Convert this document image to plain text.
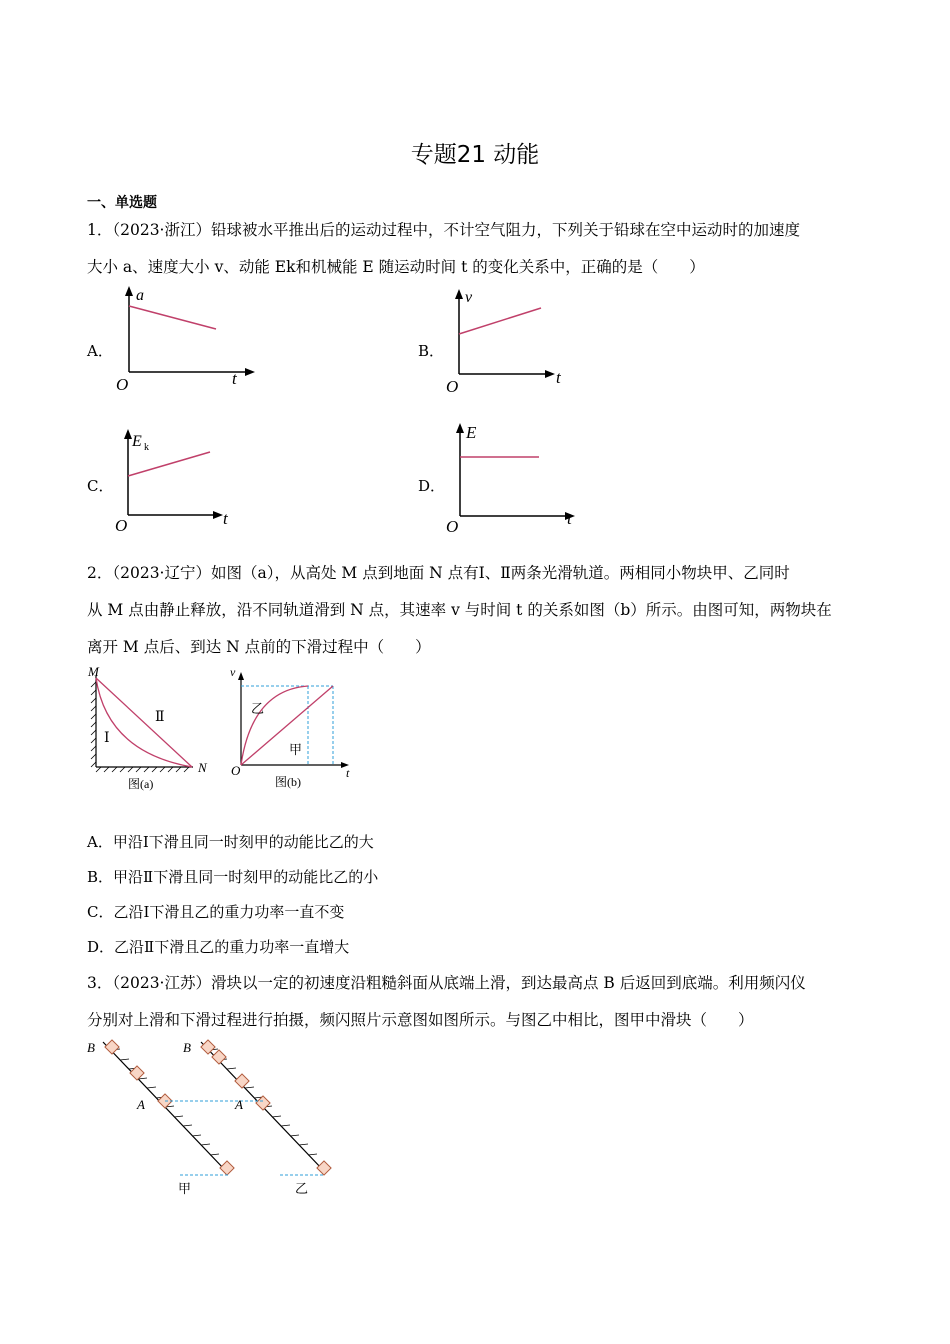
专题21 动能
一、单选题
1．（2023·浙江）铅球被水平推出后的运动过程中，不计空气阻力，下列关于铅球在空中运动时的加速度
大小 a、速度大小 v、动能 Ek和机械能 E 随运动时间 t 的变化关系中，正确的是（　　）
A．	B．
C．	D．
a
t
O
v
t
O
E k
t
O
E
t
O
2．（2023·辽宁）如图（a），从高处 M 点到地面 N 点有Ⅰ、Ⅱ两条光滑轨道。两相同小物块甲、乙同时
从 M 点由静止释放，沿不同轨道滑到 N 点，其速率 v 与时间 t 的关系如图（b）所示。由图可知，两物块在
离开 M 点后、到达 N 点前的下滑过程中（　　）
M
N
Ⅰ
Ⅱ
图(a)
v
t
O
乙
甲
图(b)
A．甲沿Ⅰ下滑且同一时刻甲的动能比乙的大
B．甲沿Ⅱ下滑且同一时刻甲的动能比乙的小
C．乙沿Ⅰ下滑且乙的重力功率一直不变
D．乙沿Ⅱ下滑且乙的重力功率一直增大
3．（2023·江苏）滑块以一定的初速度沿粗糙斜面从底端上滑，到达最高点 B 后返回到底端。利用频闪仪
分别对上滑和下滑过程进行拍摄，频闪照片示意图如图所示。与图乙中相比，图甲中滑块（　　）
B	B
A	A
甲	乙
